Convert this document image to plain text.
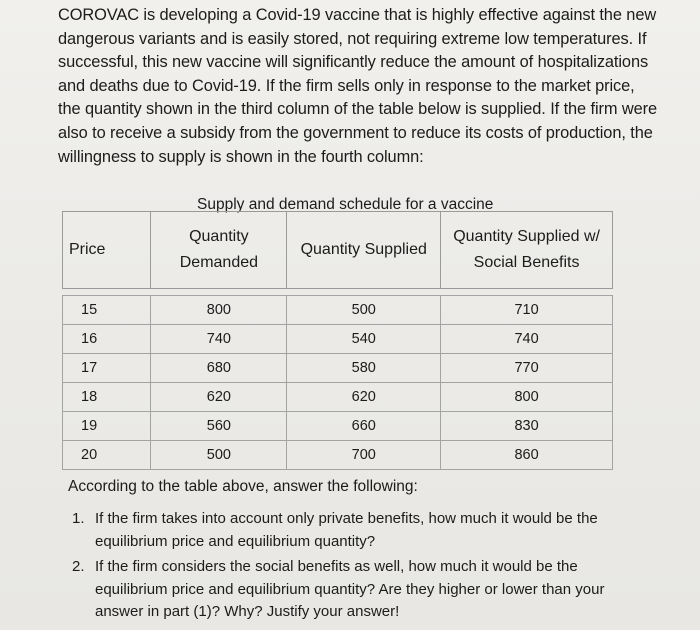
COROVAC is developing a Covid-19 vaccine that is highly effective against the new dangerous variants and is easily stored, not requiring extreme low temperatures. If successful, this new vaccine will significantly reduce the amount of hospitalizations and deaths due to Covid-19. If the firm sells only in response to the market price, the quantity shown in the third column of the table below is supplied. If the firm were also to receive a subsidy from the government to reduce its costs of production, the willingness to supply is shown in the fourth column:

Supply and demand schedule for a vaccine

Price	Quantity Demanded	Quantity Supplied	Quantity Supplied w/ Social Benefits

15	800	500	710
16	740	540	740
17	680	580	770
18	620	620	800
19	560	660	830
20	500	700	860

According to the table above, answer the following:

1. If the firm takes into account only private benefits, how much it would be the equilibrium price and equilibrium quantity?
2. If the firm considers the social benefits as well, how much it would be the equilibrium price and equilibrium quantity? Are they higher or lower than your answer in part (1)? Why? Justify your answer!
